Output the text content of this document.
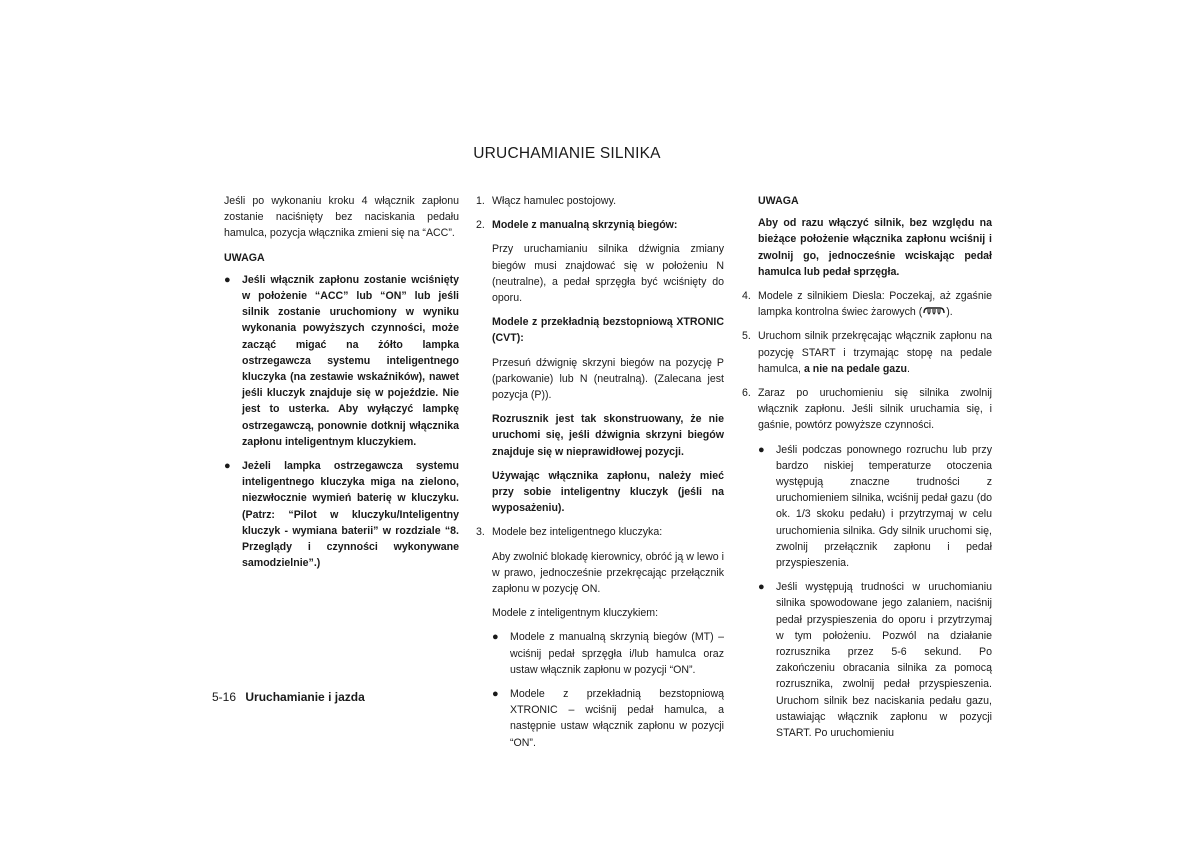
URUCHAMIANIE SILNIKA

Jeśli po wykonaniu kroku 4 włącznik zapłonu zostanie naciśnięty bez naciskania pedału hamulca, pozycja włącznika zmieni się na “ACC”.

UWAGA
●	Jeśli włącznik zapłonu zostanie wciśnięty w położenie “ACC” lub “ON” lub jeśli silnik zostanie uruchomiony w wyniku wykonania powyższych czynności, może zacząć migać na żółto lampka ostrzegawcza systemu inteligentnego kluczyka (na zestawie wskaźników), nawet jeśli kluczyk znajduje się w pojeździe. Nie jest to usterka. Aby wyłączyć lampkę ostrzegawczą, ponownie dotknij włącznika zapłonu inteligentnym kluczykiem.
●	Jeżeli lampka ostrzegawcza systemu inteligentnego kluczyka miga na zielono, niezwłocznie wymień baterię w kluczyku. (Patrz: “Pilot w kluczyku/Inteligentny kluczyk - wymiana baterii” w rozdziale “8. Przeglądy i czynności wykonywane samodzielnie”.)
1. Włącz hamulec postojowy.
2. Modele z manualną skrzynią biegów:
Przy uruchamianiu silnika dźwignia zmiany biegów musi znajdować się w położeniu N (neutralne), a pedał sprzęgła być wciśnięty do oporu.
Modele z przekładnią bezstopniową XTRONIC (CVT):
Przesuń dźwignię skrzyni biegów na pozycję P (parkowanie) lub N (neutralną). (Zalecana jest pozycja (P)).
Rozrusznik jest tak skonstruowany, że nie uruchomi się, jeśli dźwignia skrzyni biegów znajduje się w nieprawidłowej pozycji.
Używając włącznika zapłonu, należy mieć przy sobie inteligentny kluczyk (jeśli na wyposażeniu).
3. Modele bez inteligentnego kluczyka:
Aby zwolnić blokadę kierownicy, obróć ją w lewo i w prawo, jednocześnie przekręcając przełącznik zapłonu w pozycję ON.
Modele z inteligentnym kluczykiem:
●	Modele z manualną skrzynią biegów (MT) – wciśnij pedał sprzęgła i/lub hamulca oraz ustaw włącznik zapłonu w pozycji “ON”.
●	Modele z przekładnią bezstopniową XTRONIC – wciśnij pedał hamulca, a następnie ustaw włącznik zapłonu w pozycji “ON”.
UWAGA
Aby od razu włączyć silnik, bez względu na bieżące położenie włącznika zapłonu wciśnij i zwolnij go, jednocześnie wciskając pedał hamulca lub pedał sprzęgła.
4. Modele z silnikiem Diesla: Poczekaj, aż zgaśnie lampka kontrolna świec żarowych ( ).
5. Uruchom silnik przekręcając włącznik zapłonu na pozycję START i trzymając stopę na pedale hamulca, a nie na pedale gazu.
6. Zaraz po uruchomieniu się silnika zwolnij włącznik zapłonu. Jeśli silnik uruchamia się, i gaśnie, powtórz powyższe czynności.
●	Jeśli podczas ponownego rozruchu lub przy bardzo niskiej temperaturze otoczenia występują znaczne trudności z uruchomieniem silnika, wciśnij pedał gazu (do ok. 1/3 skoku pedału) i przytrzymaj w celu uruchomienia silnika. Gdy silnik uruchomi się, zwolnij przełącznik zapłonu i pedał przyspieszenia.
●	Jeśli występują trudności w uruchomianiu silnika spowodowane jego zalaniem, naciśnij pedał przyspieszenia do oporu i przytrzymaj w tym położeniu. Pozwól na działanie rozrusznika przez 5-6 sekund. Po zakończeniu obracania silnika za pomocą rozrusznika, zwolnij pedał przyspieszenia. Uruchom silnik bez naciskania pedału gazu, ustawiając włącznik zapłonu w pozycji START. Po uruchomieniu
5-16 Uruchamianie i jazda
